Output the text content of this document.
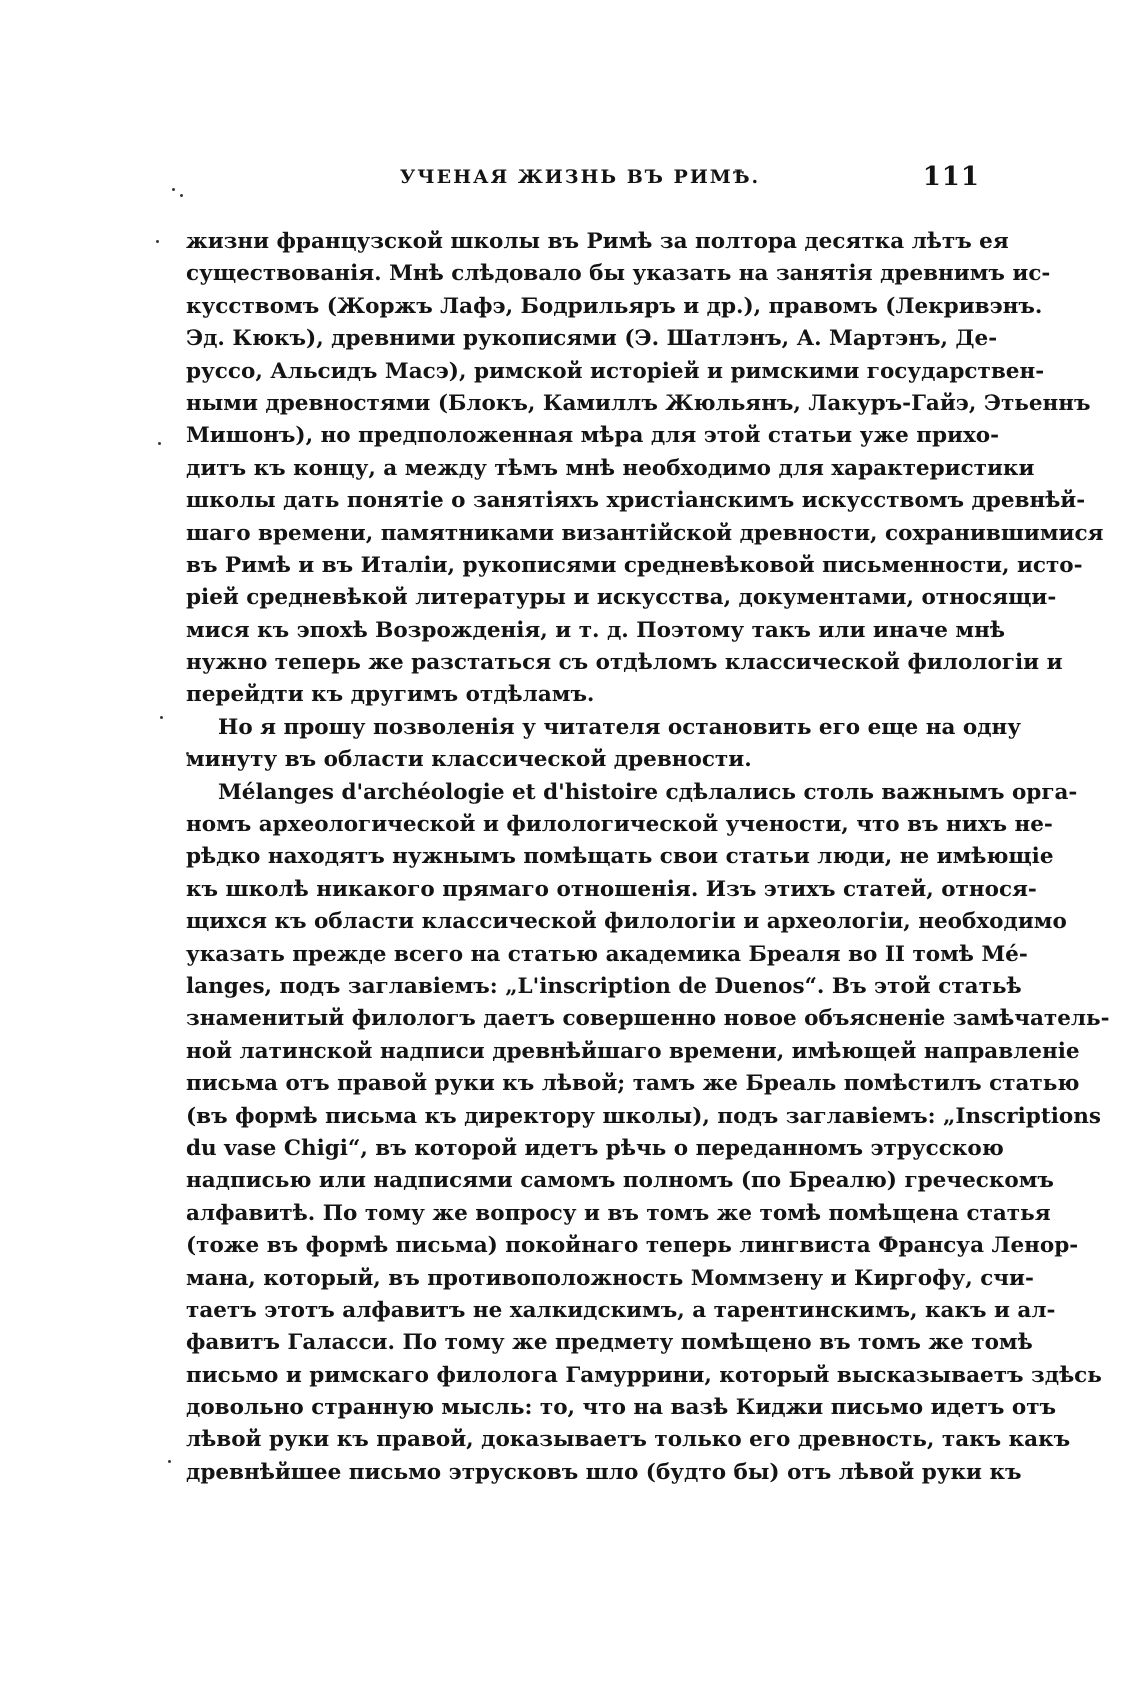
УЧЕНАЯ ЖИЗНЬ ВЪ РИМѢ.	111
жизни французской школы въ Римѣ за полтора десятка лѣтъ ея
существованія. Мнѣ слѣдовало бы указать на занятія древнимъ ис-
кусствомъ (Жоржъ Лафэ, Бодрильяръ и др.), правомъ (Лекривэнъ.
Эд. Кюкъ), древними рукописями (Э. Шатлэнъ, А. Мартэнъ, Де-
руссо, Альсидъ Масэ), римской исторіей и римскими государствен-
ными древностями (Блокъ, Камиллъ Жюльянъ, Лакуръ-Гайэ, Этьеннъ
Мишонъ), но предположенная мѣра для этой статьи уже прихо-
дитъ къ концу, а между тѣмъ мнѣ необходимо для характеристики
школы дать понятіе о занятіяхъ христіанскимъ искусствомъ древнѣй-
шаго времени, памятниками византійской древности, сохранившимися
въ Римѣ и въ Италіи, рукописями средневѣковой письменности, исто-
ріей средневѣкой литературы и искусства, документами, относящи-
мися къ эпохѣ Возрожденія, и т. д. Поэтому такъ или иначе мнѣ
нужно теперь же разстаться съ отдѣломъ классической филологіи и
перейдти къ другимъ отдѣламъ.
Но я прошу позволенія у читателя остановить его еще на одну
минуту въ области классической древности.
Mélanges d'archéologie et d'histoire сдѣлались столь важнымъ орга-
номъ археологической и филологической учености, что въ нихъ не-
рѣдко находятъ нужнымъ помѣщать свои статьи люди, не имѣющіе
къ школѣ никакого прямаго отношенія. Изъ этихъ статей, относя-
щихся къ области классической филологіи и археологіи, необходимо
указать прежде всего на статью академика Бреаля во II томѣ Mé-
langes, подъ заглавіемъ: „L'inscription de Duenos“. Въ этой статьѣ
знаменитый филологъ даетъ совершенно новое объясненіе замѣчатель-
ной латинской надписи древнѣйшаго времени, имѣющей направленіе
письма отъ правой руки къ лѣвой; тамъ же Бреаль помѣстилъ статью
(въ формѣ письма къ директору школы), подъ заглавіемъ: „Inscriptions
du vase Chigi“, въ которой идетъ рѣчь о переданномъ этрусскою
надписью или надписями самомъ полномъ (по Бреалю) греческомъ
алфавитѣ. По тому же вопросу и въ томъ же томѣ помѣщена статья
(тоже въ формѣ письма) покойнаго теперь лингвиста Франсуа Ленор-
мана, который, въ противоположность Моммзену и Киргофу, счи-
таетъ этотъ алфавитъ не халкидскимъ, а тарентинскимъ, какъ и ал-
фавитъ Галасси. По тому же предмету помѣщено въ томъ же томѣ
письмо и римскаго филолога Гамуррини, который высказываетъ здѣсь
довольно странную мысль: то, что на вазѣ Киджи письмо идетъ отъ
лѣвой руки къ правой, доказываетъ только его древность, такъ какъ
древнѣйшее письмо этрусковъ шло (будто бы) отъ лѣвой руки къ
